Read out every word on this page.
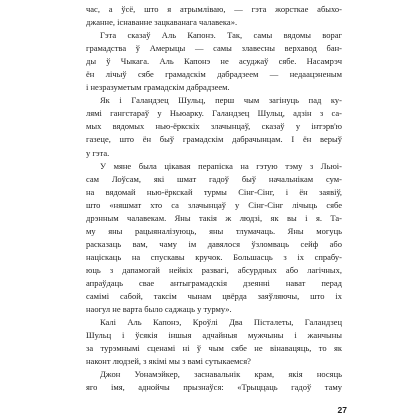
час, а ўсё, што я атрымліваю, — гэта жорсткае абыхо-
джанне, існаванне зацкаванага чалавека».
Гэта сказаў Аль Капонэ. Так, самы вядомы вораг
грамадства ў Амерыцы — самы злавесны верхавод бан-
ды ў Чыкага. Аль Капонэ не асуджаў сябе. Насамрэч
ён лічыў сябе грамадскім дабрадзеем — недаацэненым
і незразуметым грамадскім дабрадзеем.
Як і Галандзец Шульц, перш чым загінуць пад ку-
лямі гангстараў у Ньюарку. Галандзец Шульц, адзін з са-
мых вядомых нью-ёркскіх злачынцаў, сказаў у інтэрв'ю
газеце, што ён быў грамадскім дабрачынцам. І ён верыў
у гэта.
У мяне была цікавая перапіска на гэтую тэму з Льюі-
сам Лоўсам, які шмат гадоў быў начальнікам сум-
на вядомай нью-ёркскай турмы Сінг-Сінг, і ён заявіў,
што «няшмат хто са злачынцаў у Сінг-Сінг лічыць сябе
дрэнным чалавекам. Яны такія ж людзі, як вы і я. Та-
му яны рацыяналізуюць, яны тлумачаць. Яны могуць
расказаць вам, чаму ім давялося ўзломваць сейф або
націскаць на спускавы кручок. Большасць з іх спрабу-
юць з дапамогай нейкіх развагі, абсурдных або лагічных,
апраўдаць свае антыграмадскія дзеянні нават перад
самімі сабой, таксім чынам цвёрда заяўляючы, што іх
наогул не варта было саджаць у турму».
Калі Аль Капонэ, Кроўлі Два Пісталеты, Галандзец
Шульц і ўсякія іншыя адчайныя мужчыны і жанчыны
за турэмнымі сценамі ні ў чым сябе не вінавацяць, то як
наконт людзей, з якімі мы з вамі сутыкаемся?
Джон Уонамэйкер, заснавальнік крам, якія носяць
яго імя, аднойчы прызнаўся: «Трыццаць гадоў таму
27
